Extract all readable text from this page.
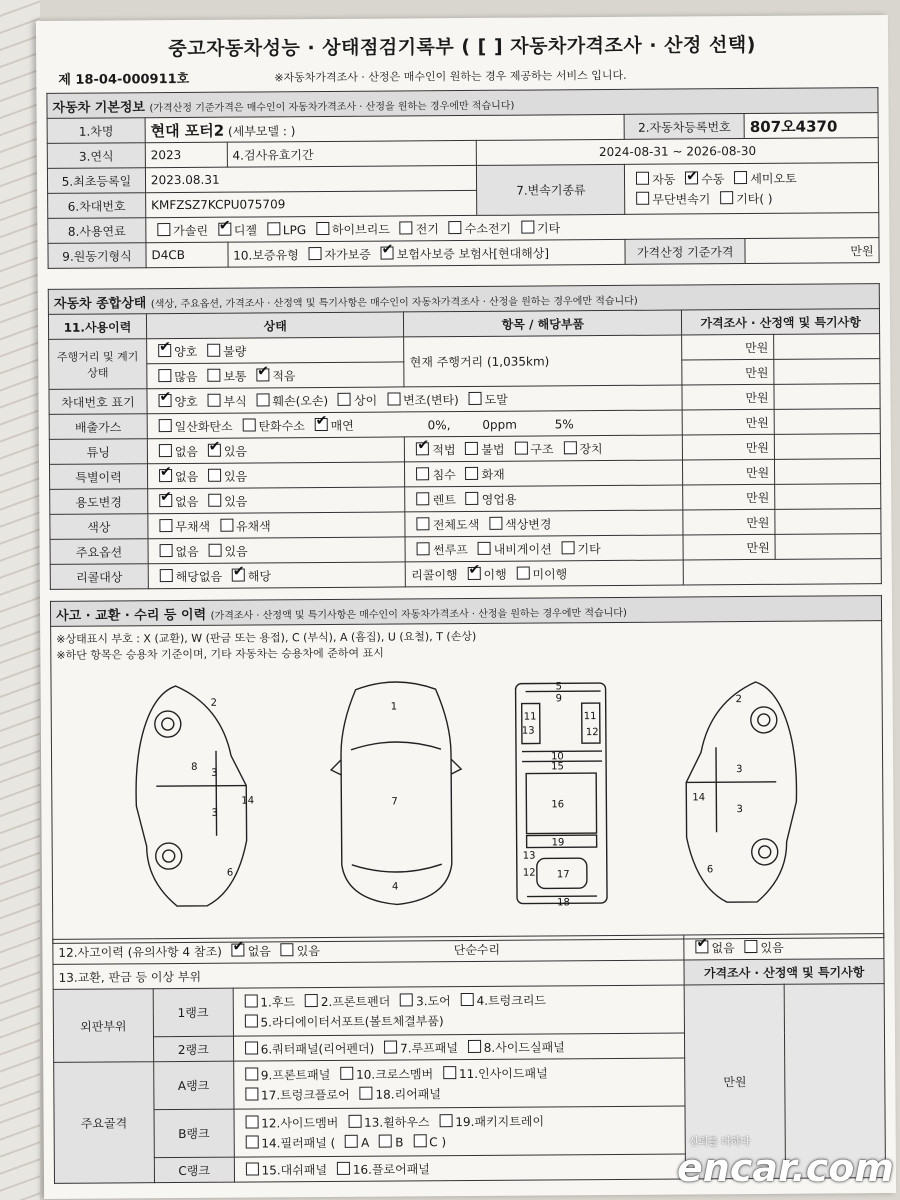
중고자동차성능 · 상태점검기록부 ( [ ] 자동차가격조사 · 산정 선택)
제 18-04-000911호	※자동차가격조사 · 산정은 매수인이 원하는 경우 제공하는 서비스 입니다.
자동차 기본정보 (가격산정 기준가격은 매수인이 자동차가격조사 · 산정을 원하는 경우에만 적습니다)					
1.차명	현대 포터2 (세부모델 : )			2.자동차등록번호	807오4370
3.연식	2023	4.검사유효기간	2024-08-31 ~ 2026-08-30		
5.최초등록일	2023.08.31		7.변속기종류	자동 ✔ 수동 세미오토
무단변속기 기타( )
6.차대번호	KMFZSZ7KCPU075709				
8.사용연료	가솔린 ✔ 디젤 LPG 하이브리드 전기 수소전기 기타
9.원동기형식	D4CB	10.보증유형 자가보증 ✔ 보험사보증 보험사[현대해상]		가격산정 기준가격	만원
자동차 종합상태 (색상, 주요옵션, 가격조사 · 산정액 및 특기사항은 매수인이 자동차가격조사 · 산정을 원하는 경우에만 적습니다)				
11.사용이력	상태	항목 / 해당부품	가격조사 · 산정액 및 특기사항	
주행거리 및 계기상태	✔양호 불량	현재 주행거리 (1,035km)	만원	
	많음 보통 ✔ 적음		만원	
차대번호 표기	✔양호 부식 훼손(오손) 상이 변조(변타) 도말		만원	
배출가스	일산화탄소 탄화수소 ✔ 매연 0%, 0ppm 5%		만원	
튜닝	없음 ✔ 있음	✔적법 불법 구조 장치	만원	
특별이력	✔없음 있음	침수 화재	만원	
용도변경	✔없음 있음	렌트 영업용	만원	
색상	무채색 유채색	전체도색 색상변경	만원	
주요옵션	없음 있음	썬루프 내비게이션 기타	만원	
리콜대상	해당없음 ✔ 해당	리콜이행 ✔ 이행 미이행	
사고 · 교환 · 수리 등 이력 (가격조사 · 산정액 및 특기사항은 매수인이 자동차가격조사 · 산정을 원하는 경우에만 적습니다)

※상태표시 부호 : X (교환), W (판금 또는 용접), C (부식), A (흠집), U (요철), T (손상)
※하단 항목은 승용차 기준이며, 기타 자동차는 승용차에 준하여 표시
2
3
3
8
14
6
1
7
4
5
9
11	11
13	12
10
15
16
19
13
12 17
18
2
3
3
14
6
12.사고이력 (유의사항 4 참조) ✔ 없음 있음 단순수리	✔없음 있음
13.교환, 판금 등 이상 부위			가격조사 · 산정액 및 특기사항	
외판부위	1랭크	1.후드 2.프론트펜더 3.도어 4.트렁크리드
5.라디에이터서포트(볼트체결부품)	만원	
	2랭크	6.쿼터패널(리어펜더) 7.루프패널 8.사이드실패널		
주요골격	A랭크	9.프론트패널 10.크로스멤버 11.인사이드패널
17.트렁크플로어 18.리어패널		
	B랭크	12.사이드멤버 13.휠하우스 19.패키지트레이
14.필러패널 ( A B C )		
	C랭크	15.대쉬패널 16.플로어패널		
신뢰를 더하다
encar.com
